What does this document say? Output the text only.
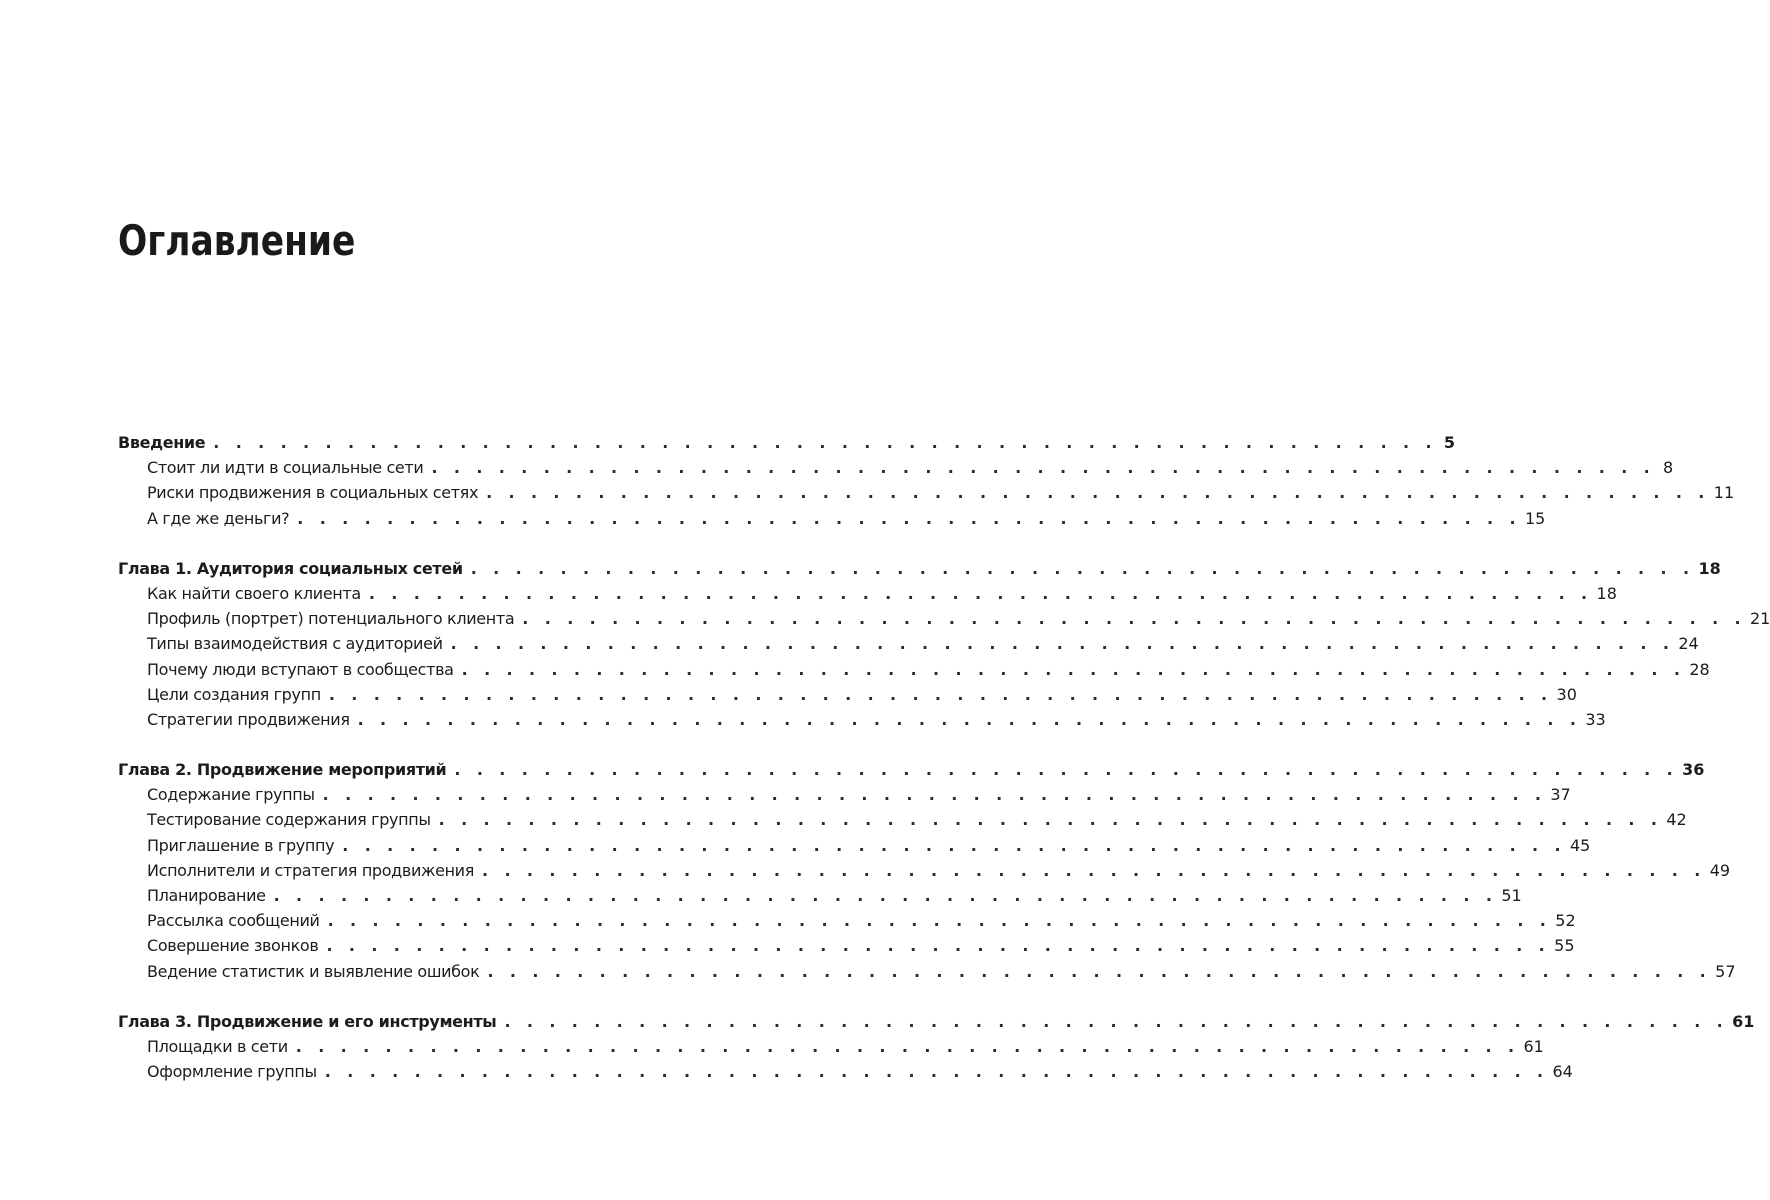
Оглавление
Введение . . . . . . . . . . . . . . . . . . . . . . . . . . . . . . . . . . . . . . . . . . . . . . . . . . . . . . . 5
Стоит ли идти в социальные сети . . . . . . . . . . . . . . . . . . . . . . . . . . . . . . . . . . . . . . . . . . . . . . . . . . . . . . . 8
Риски продвижения в социальных сетях . . . . . . . . . . . . . . . . . . . . . . . . . . . . . . . . . . . . . . . . . . . . . . . . . . . . . . . 11
А где же деньги? . . . . . . . . . . . . . . . . . . . . . . . . . . . . . . . . . . . . . . . . . . . . . . . . . . . . . . . 15
Глава 1. Аудитория социальных сетей . . . . . . . . . . . . . . . . . . . . . . . . . . . . . . . . . . . . . . . . . . . . . . . . . . . . . . . 18
Как найти своего клиента . . . . . . . . . . . . . . . . . . . . . . . . . . . . . . . . . . . . . . . . . . . . . . . . . . . . . . . 18
Профиль (портрет) потенциального клиента . . . . . . . . . . . . . . . . . . . . . . . . . . . . . . . . . . . . . . . . . . . . . . . . . . . . . . . 21
Типы взаимодействия с аудиторией . . . . . . . . . . . . . . . . . . . . . . . . . . . . . . . . . . . . . . . . . . . . . . . . . . . . . . . 24
Почему люди вступают в сообщества . . . . . . . . . . . . . . . . . . . . . . . . . . . . . . . . . . . . . . . . . . . . . . . . . . . . . . . 28
Цели создания групп . . . . . . . . . . . . . . . . . . . . . . . . . . . . . . . . . . . . . . . . . . . . . . . . . . . . . . . 30
Стратегии продвижения . . . . . . . . . . . . . . . . . . . . . . . . . . . . . . . . . . . . . . . . . . . . . . . . . . . . . . . 33
Глава 2. Продвижение мероприятий . . . . . . . . . . . . . . . . . . . . . . . . . . . . . . . . . . . . . . . . . . . . . . . . . . . . . . . 36
Содержание группы . . . . . . . . . . . . . . . . . . . . . . . . . . . . . . . . . . . . . . . . . . . . . . . . . . . . . . . 37
Тестирование содержания группы . . . . . . . . . . . . . . . . . . . . . . . . . . . . . . . . . . . . . . . . . . . . . . . . . . . . . . . 42
Приглашение в группу . . . . . . . . . . . . . . . . . . . . . . . . . . . . . . . . . . . . . . . . . . . . . . . . . . . . . . . 45
Исполнители и стратегия продвижения . . . . . . . . . . . . . . . . . . . . . . . . . . . . . . . . . . . . . . . . . . . . . . . . . . . . . . . 49
Планирование . . . . . . . . . . . . . . . . . . . . . . . . . . . . . . . . . . . . . . . . . . . . . . . . . . . . . . . 51
Рассылка сообщений . . . . . . . . . . . . . . . . . . . . . . . . . . . . . . . . . . . . . . . . . . . . . . . . . . . . . . . 52
Совершение звонков . . . . . . . . . . . . . . . . . . . . . . . . . . . . . . . . . . . . . . . . . . . . . . . . . . . . . . . 55
Ведение статистик и выявление ошибок . . . . . . . . . . . . . . . . . . . . . . . . . . . . . . . . . . . . . . . . . . . . . . . . . . . . . . . 57
Глава 3. Продвижение и его инструменты . . . . . . . . . . . . . . . . . . . . . . . . . . . . . . . . . . . . . . . . . . . . . . . . . . . . . . . 61
Площадки в сети . . . . . . . . . . . . . . . . . . . . . . . . . . . . . . . . . . . . . . . . . . . . . . . . . . . . . . . 61
Оформление группы . . . . . . . . . . . . . . . . . . . . . . . . . . . . . . . . . . . . . . . . . . . . . . . . . . . . . . . 64
